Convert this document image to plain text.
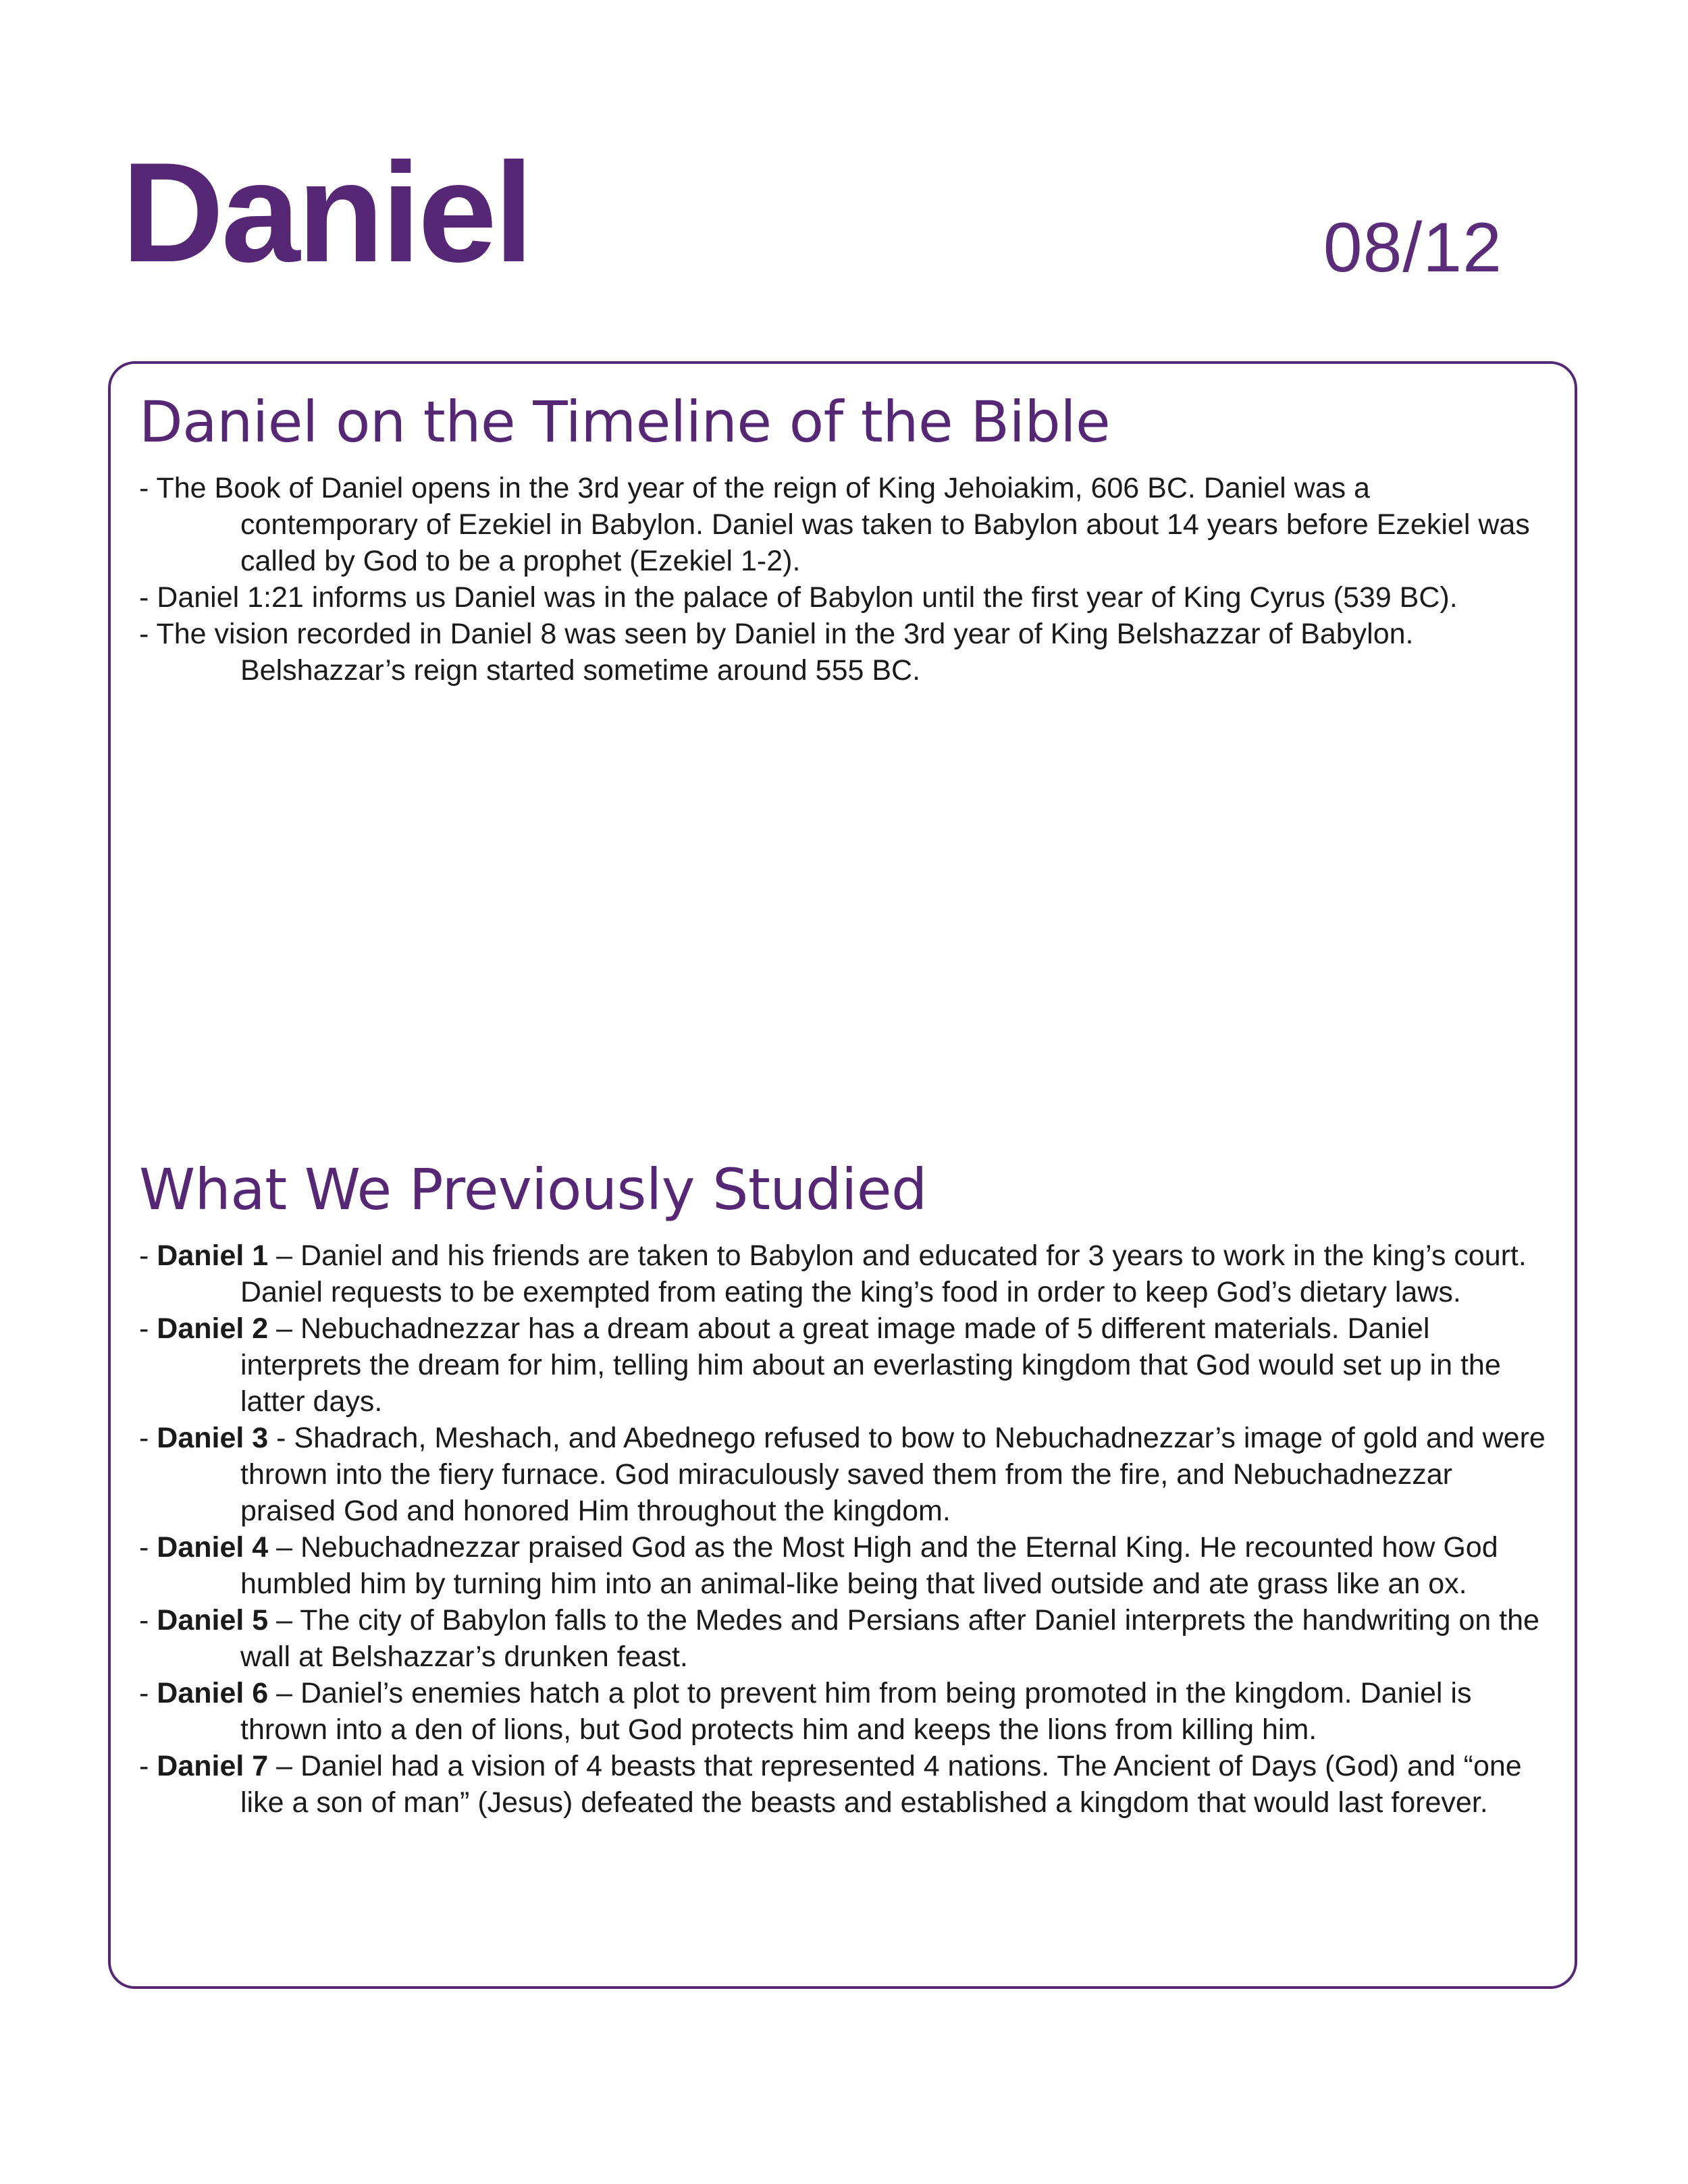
Daniel	08/12
Daniel on the Timeline of the Bible
- The Book of Daniel opens in the 3rd year of the reign of King Jehoiakim, 606 BC. Daniel was a contemporary of Ezekiel in Babylon. Daniel was taken to Babylon about 14 years before Ezekiel was called by God to be a prophet (Ezekiel 1-2).
- Daniel 1:21 informs us Daniel was in the palace of Babylon until the first year of King Cyrus (539 BC).
- The vision recorded in Daniel 8 was seen by Daniel in the 3rd year of King Belshazzar of Babylon. Belshazzar’s reign started sometime around 555 BC.
What We Previously Studied
- Daniel 1 – Daniel and his friends are taken to Babylon and educated for 3 years to work in the king’s court. Daniel requests to be exempted from eating the king’s food in order to keep God’s dietary laws.
- Daniel 2 – Nebuchadnezzar has a dream about a great image made of 5 different materials. Daniel interprets the dream for him, telling him about an everlasting kingdom that God would set up in the latter days.
- Daniel 3 - Shadrach, Meshach, and Abednego refused to bow to Nebuchadnezzar’s image of gold and were thrown into the fiery furnace. God miraculously saved them from the fire, and Nebuchadnezzar praised God and honored Him throughout the kingdom.
- Daniel 4 – Nebuchadnezzar praised God as the Most High and the Eternal King. He recounted how God humbled him by turning him into an animal-like being that lived outside and ate grass like an ox.
- Daniel 5 – The city of Babylon falls to the Medes and Persians after Daniel interprets the handwriting on the wall at Belshazzar’s drunken feast.
- Daniel 6 – Daniel’s enemies hatch a plot to prevent him from being promoted in the kingdom. Daniel is thrown into a den of lions, but God protects him and keeps the lions from killing him.
- Daniel 7 – Daniel had a vision of 4 beasts that represented 4 nations. The Ancient of Days (God) and “one like a son of man” (Jesus) defeated the beasts and established a kingdom that would last forever.
